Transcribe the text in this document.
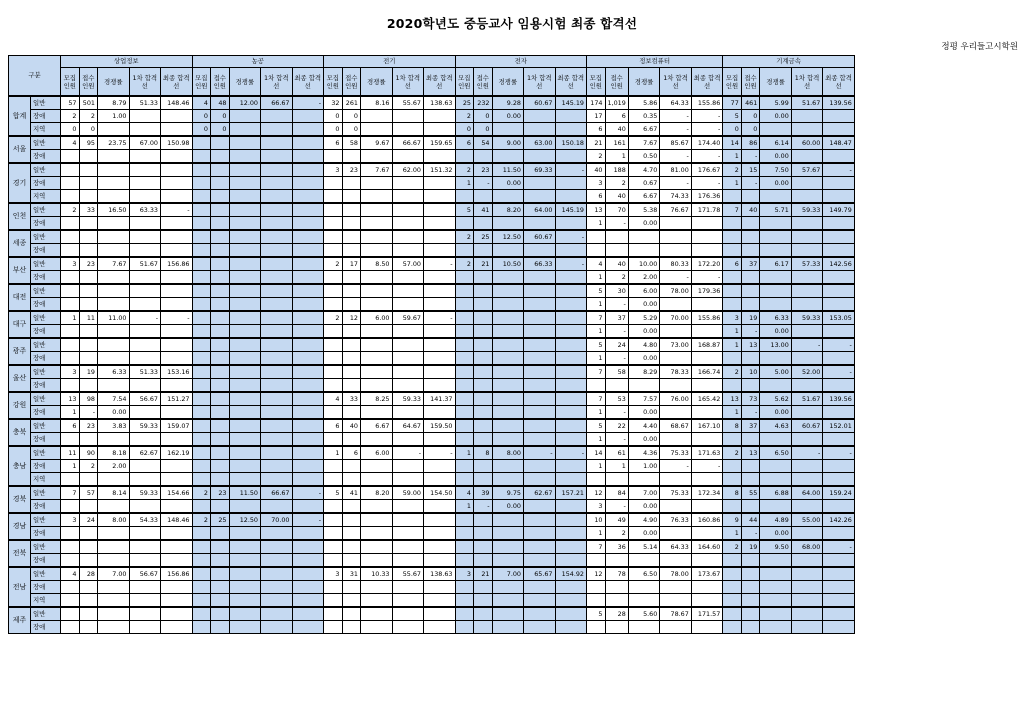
2020학년도 중등교사 임용시험 최종 합격선
정평 우리들고시학원
구분		상업정보					농공					전기					전자					정보컴퓨터					기계금속				
		모집 인원	접수 인원	경쟁률	1차 합격선	최종 합격선	모집 인원	접수 인원	경쟁률	1차 합격선	최종 합격선	모집 인원	접수 인원	경쟁률	1차 합격선	최종 합격선	모집 인원	접수 인원	경쟁률	1차 합격선	최종 합격선	모집 인원	접수 인원	경쟁률	1차 합격선	최종 합격선	모집 인원	접수 인원	경쟁률	1차 합격선	최종 합격선
합계	일반	57	501	8.79	51.33	148.46	4	48	12.00	66.67	-	32	261	8.16	55.67	138.63	25	232	9.28	60.67	145.19	174	1,019	5.86	64.33	155.86	77	461	5.99	51.67	139.56
	장애	2	2	1.00			0	0				0	0				2	0	0.00			17	6	0.35	-	-	5	0	0.00		
	지역	0	0				0	0				0	0				0	0				6	40	6.67	-	-	0	0			
서울	일반	4	95	23.75	67.00	150.98						6	58	9.67	66.67	159.65	6	54	9.00	63.00	150.18	21	161	7.67	85.67	174.40	14	86	6.14	60.00	148.47
	장애																					2	1	0.50	-	-	1	-	0.00		
경기	일반											3	23	7.67	62.00	151.32	2	23	11.50	69.33	-	40	188	4.70	81.00	176.67	2	15	7.50	57.67	-
	장애																1	-	0.00			3	2	0.67	-	-	1	-	0.00		
	지역																					6	40	6.67	74.33	176.36					
인천	일반	2	33	16.50	63.33	-											5	41	8.20	64.00	145.19	13	70	5.38	76.67	171.78	7	40	5.71	59.33	149.79
	장애																					1	-	0.00							
세종	일반																2	25	12.50	60.67	-										
	장애																														
부산	일반	3	23	7.67	51.67	156.86						2	17	8.50	57.00	-	2	21	10.50	66.33	-	4	40	10.00	80.33	172.20	6	37	6.17	57.33	142.56
	장애																					1	2	2.00	-	-					
대전	일반																					5	30	6.00	78.00	179.36					
	장애																					1	-	0.00							
대구	일반	1	11	11.00	-	-						2	12	6.00	59.67	-						7	37	5.29	70.00	155.86	3	19	6.33	59.33	153.05
	장애																					1	-	0.00			1	-	0.00		
광주	일반																					5	24	4.80	73.00	168.87	1	13	13.00	-	-
	장애																					1	-	0.00							
울산	일반	3	19	6.33	51.33	153.16																7	58	8.29	78.33	166.74	2	10	5.00	52.00	-
	장애																														
강원	일반	13	98	7.54	56.67	151.27						4	33	8.25	59.33	141.37						7	53	7.57	76.00	165.42	13	73	5.62	51.67	139.56
	장애	1	-	0.00																		1	-	0.00			1	-	0.00		
충북	일반	6	23	3.83	59.33	159.07						6	40	6.67	64.67	159.50						5	22	4.40	68.67	167.10	8	37	4.63	60.67	152.01
	장애																					1	-	0.00							
충남	일반	11	90	8.18	62.67	162.19						1	6	6.00	-	-	1	8	8.00	-	-	14	61	4.36	75.33	171.63	2	13	6.50	-	-
	장애	1	2	2.00																		1	1	1.00	-	-					
	지역																														
경북	일반	7	57	8.14	59.33	154.66	2	23	11.50	66.67	-	5	41	8.20	59.00	154.50	4	39	9.75	62.67	157.21	12	84	7.00	75.33	172.34	8	55	6.88	64.00	159.24
	장애																1	-	0.00			3	-	0.00							
경남	일반	3	24	8.00	54.33	148.46	2	25	12.50	70.00	-											10	49	4.90	76.33	160.86	9	44	4.89	55.00	142.26
	장애																					1	2	0.00			1	-	0.00		
전북	일반																					7	36	5.14	64.33	164.60	2	19	9.50	68.00	-
	장애																														
전남	일반	4	28	7.00	56.67	156.86						3	31	10.33	55.67	138.63	3	21	7.00	65.67	154.92	12	78	6.50	78.00	173.67					
	장애																														
	지역																														
제주	일반																					5	28	5.60	78.67	171.57					
	장애																														
